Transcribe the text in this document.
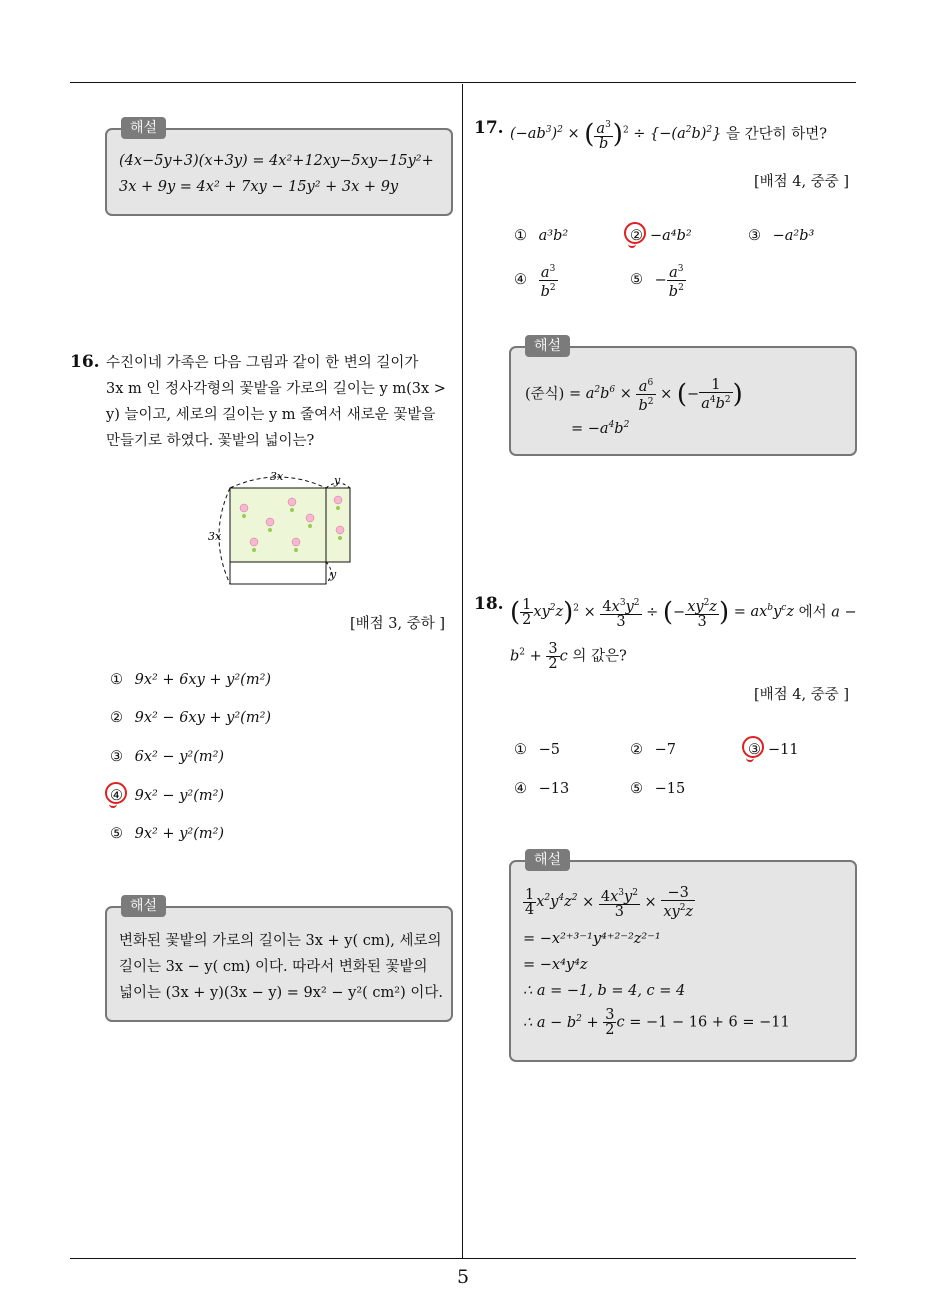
5
해설
(4x−5y+3)(x+3y) = 4x²+12xy−5xy−15y²+
3x + 9y = 4x² + 7xy − 15y² + 3x + 9y
16. 수진이네 가족은 다음 그림과 같이 한 변의 길이가
3x m 인 정사각형의 꽃밭을 가로의 길이는 y m(3x >
y) 늘이고, 세로의 길이는 y m 줄여서 새로운 꽃밭을
만들기로 하였다. 꽃밭의 넓이는?
3x
3x
y
y
[배점 3, 중하 ]
① 9x² + 6xy + y²(m²)
② 9x² − 6xy + y²(m²)
③ 6x² − y²(m²)
④ 9x² − y²(m²)
⑤ 9x² + y²(m²)
해설
변화된 꽃밭의 가로의 길이는 3x + y( cm), 세로의
길이는 3x − y( cm) 이다. 따라서 변화된 꽃밭의
넓이는 (3x + y)(3x − y) = 9x² − y²( cm²) 이다.
17. $(-ab^3)^2$ × ( $\frac{a^3}{b} )^2 \div \{-(a^2b)^2\}$ 을 간단히 하면?
[배점 4, 중중 ]
① a³b²	② −a⁴b²	③ −a²b³
④ $\frac{a^3}{b^2}$	⑤ − $\frac{a^3}{b^2}$
해설
(준식) = $a^2b^6 \times \frac{a^6}{b^2}$ × (− $\frac{1}{a^4b^2}$ )
= $-a^4b^2$
18. ( $\frac{1}{2} xy^2z)^2 \times \frac{4x^3y^2}{3}$ ÷ (− $\frac{xy^2z}{3}$ ) = $ax^by^cz$ 에서 a −
$b^2 + \frac{3}{2}$ c 의 값은?
[배점 4, 중중 ]
① −5	② −7	③ −11
④ −13	⑤ −15
해설
$\frac{1}{4} x^2y^4z^2 \times \frac{4x^3y^2}{3} \times \frac{-3}{xy^2z}$
= −x²⁺³⁻¹y⁴⁺²⁻²z²⁻¹
= −x⁴y⁴z
∴ a = −1, b = 4, c = 4
∴ $a - b^2 + \frac{3}{2}$ c = −1 − 16 + 6 = −11
